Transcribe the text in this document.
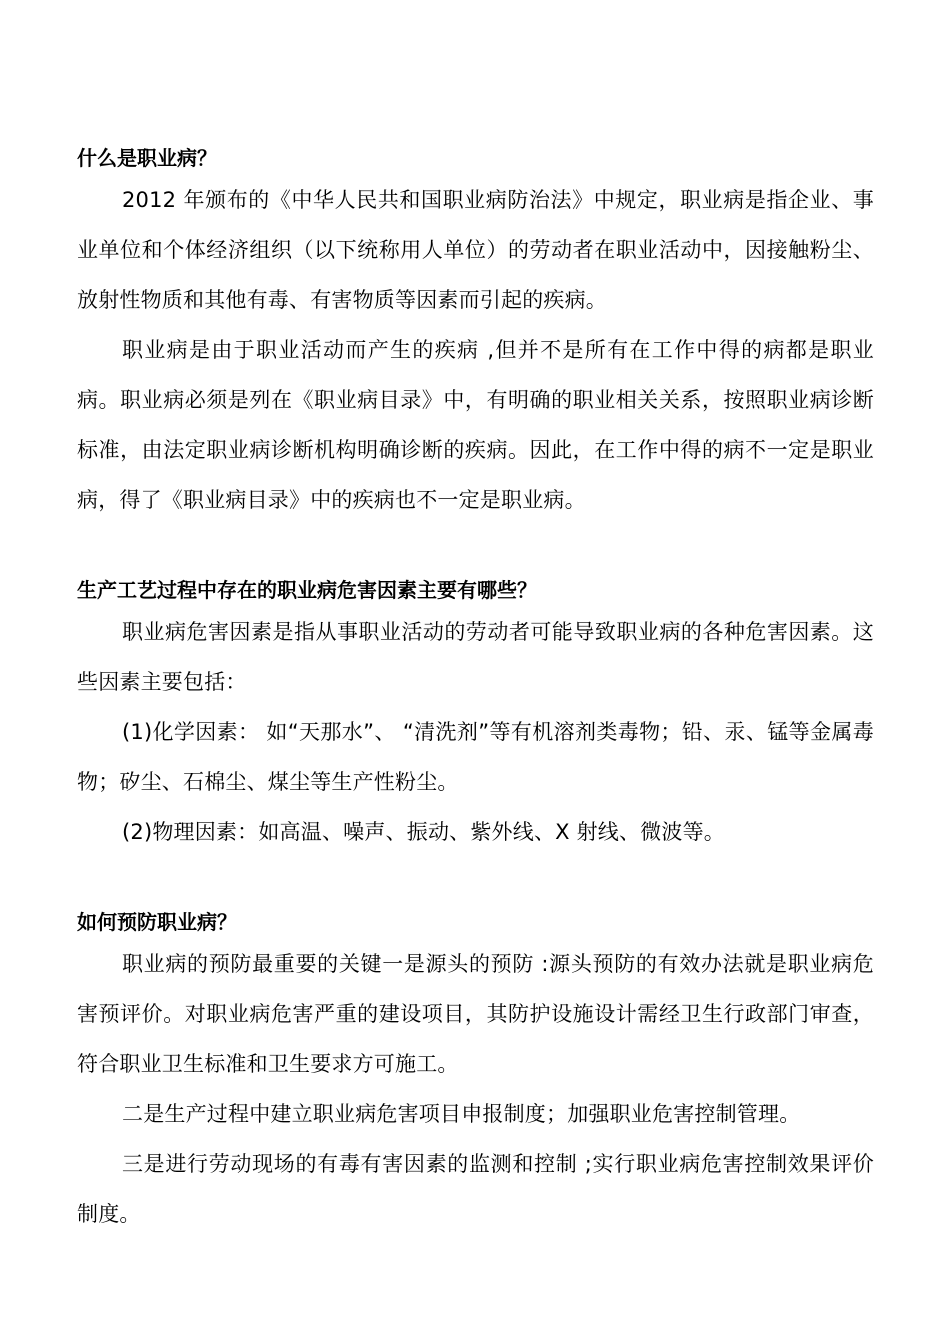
什么是职业病？

2012 年颁布的《中华人民共和国职业病防治法》中规定，职业病是指企业、事业单位和个体经济组织（以下统称用人单位）的劳动者在职业活动中，因接触粉尘、放射性物质和其他有毒、有害物质等因素而引起的疾病。

职业病是由于职业活动而产生的疾病 ,但并不是所有在工作中得的病都是职业病。职业病必须是列在《职业病目录》中，有明确的职业相关关系，按照职业病诊断标准，由法定职业病诊断机构明确诊断的疾病。因此，在工作中得的病不一定是职业病，得了《职业病目录》中的疾病也不一定是职业病。

生产工艺过程中存在的职业病危害因素主要有哪些？

职业病危害因素是指从事职业活动的劳动者可能导致职业病的各种危害因素。这些因素主要包括：

(1)化学因素： 如“天那水”、 “清洗剂”等有机溶剂类毒物；铅、汞、锰等金属毒物；矽尘、石棉尘、煤尘等生产性粉尘。

(2)物理因素：如高温、噪声、振动、紫外线、X 射线、微波等。

如何预防职业病？

职业病的预防最重要的关键一是源头的预防 :源头预防的有效办法就是职业病危害预评价。对职业病危害严重的建设项目，其防护设施设计需经卫生行政部门审查，符合职业卫生标准和卫生要求方可施工。

二是生产过程中建立职业病危害项目申报制度；加强职业危害控制管理。

三是进行劳动现场的有毒有害因素的监测和控制 ;实行职业病危害控制效果评价制度。
